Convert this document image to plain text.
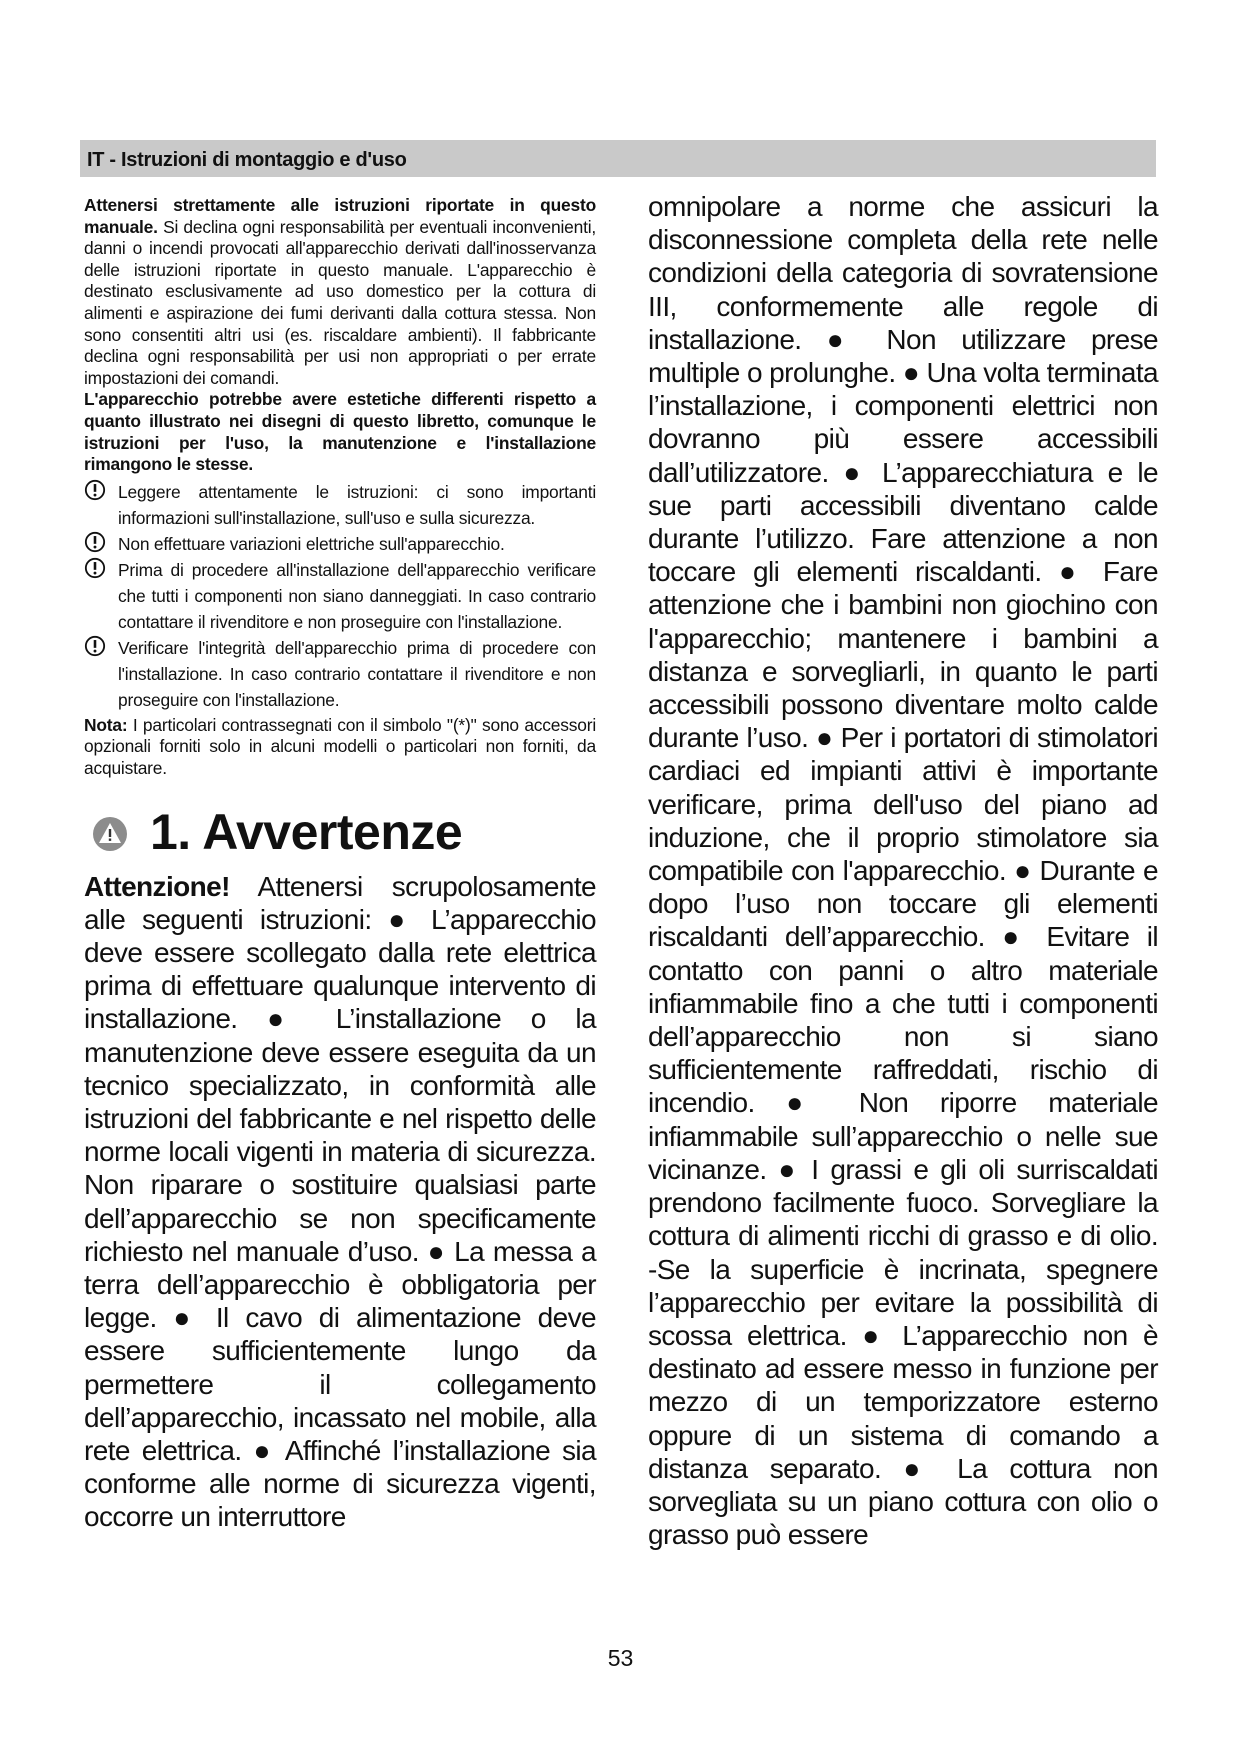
IT - Istruzioni di montaggio e d'uso

Attenersi strettamente alle istruzioni riportate in questo manuale. Si declina ogni responsabilità per eventuali inconvenienti, danni o incendi provocati all'apparecchio derivati dall'inosservanza delle istruzioni riportate in questo manuale. L'apparecchio è destinato esclusivamente ad uso domestico per la cottura di alimenti e aspirazione dei fumi derivanti dalla cottura stessa. Non sono consentiti altri usi (es. riscaldare ambienti). Il fabbricante declina ogni responsabilità per usi non appropriati o per errate impostazioni dei comandi.

L'apparecchio potrebbe avere estetiche differenti rispetto a quanto illustrato nei disegni di questo libretto, comunque le istruzioni per l'uso, la manutenzione e l'installazione rimangono le stesse.

Leggere attentamente le istruzioni: ci sono importanti informazioni sull'installazione, sull'uso e sulla sicurezza.

Non effettuare variazioni elettriche sull'apparecchio.

Prima di procedere all'installazione dell'apparecchio verificare che tutti i componenti non siano danneggiati. In caso contrario contattare il rivenditore e non proseguire con l'installazione.

Verificare l'integrità dell'apparecchio prima di procedere con l'installazione. In caso contrario contattare il rivenditore e non proseguire con l'installazione.

Nota: I particolari contrassegnati con il simbolo "(*)" sono accessori opzionali forniti solo in alcuni modelli o particolari non forniti, da acquistare.

1. Avvertenze

Attenzione! Attenersi scrupolosamente alle seguenti istruzioni: ● L’apparecchio deve essere scollegato dalla rete elettrica prima di effettuare qualunque intervento di installazione. ● L’installazione o la manutenzione deve essere eseguita da un tecnico specializzato, in conformità alle istruzioni del fabbricante e nel rispetto delle norme locali vigenti in materia di sicurezza. Non riparare o sostituire qualsiasi parte dell’apparecchio se non specificamente richiesto nel manuale d’uso. ● La messa a terra dell’apparecchio è obbligatoria per legge. ● Il cavo di alimentazione deve essere sufficientemente lungo da permettere il collegamento dell’apparecchio, incassato nel mobile, alla rete elettrica. ● Affinché l’installazione sia conforme alle norme di sicurezza vigenti, occorre un interruttore

omnipolare a norme che assicuri la disconnessione completa della rete nelle condizioni della categoria di sovratensione III, conformemente alle regole di installazione. ● Non utilizzare prese multiple o prolunghe. ● Una volta terminata l’installazione, i componenti elettrici non dovranno più essere accessibili dall’utilizzatore. ● L’apparecchiatura e le sue parti accessibili diventano calde durante l’utilizzo. Fare attenzione a non toccare gli elementi riscaldanti. ● Fare attenzione che i bambini non giochino con l'apparecchio; mantenere i bambini a distanza e sorvegliarli, in quanto le parti accessibili possono diventare molto calde durante l’uso. ● Per i portatori di stimolatori cardiaci ed impianti attivi è importante verificare, prima dell'uso del piano ad induzione, che il proprio stimolatore sia compatibile con l'apparecchio. ● Durante e dopo l’uso non toccare gli elementi riscaldanti dell’apparecchio. ● Evitare il contatto con panni o altro materiale infiammabile fino a che tutti i componenti dell’apparecchio non si siano sufficientemente raffreddati, rischio di incendio. ● Non riporre materiale infiammabile sull’apparecchio o nelle sue vicinanze. ● I grassi e gli oli surriscaldati prendono facilmente fuoco. Sorvegliare la cottura di alimenti ricchi di grasso e di olio. -Se la superficie è incrinata, spegnere l’apparecchio per evitare la possibilità di scossa elettrica. ● L’apparecchio non è destinato ad essere messo in funzione per mezzo di un temporizzatore esterno oppure di un sistema di comando a distanza separato. ● La cottura non sorvegliata su un piano cottura con olio o grasso può essere

53
